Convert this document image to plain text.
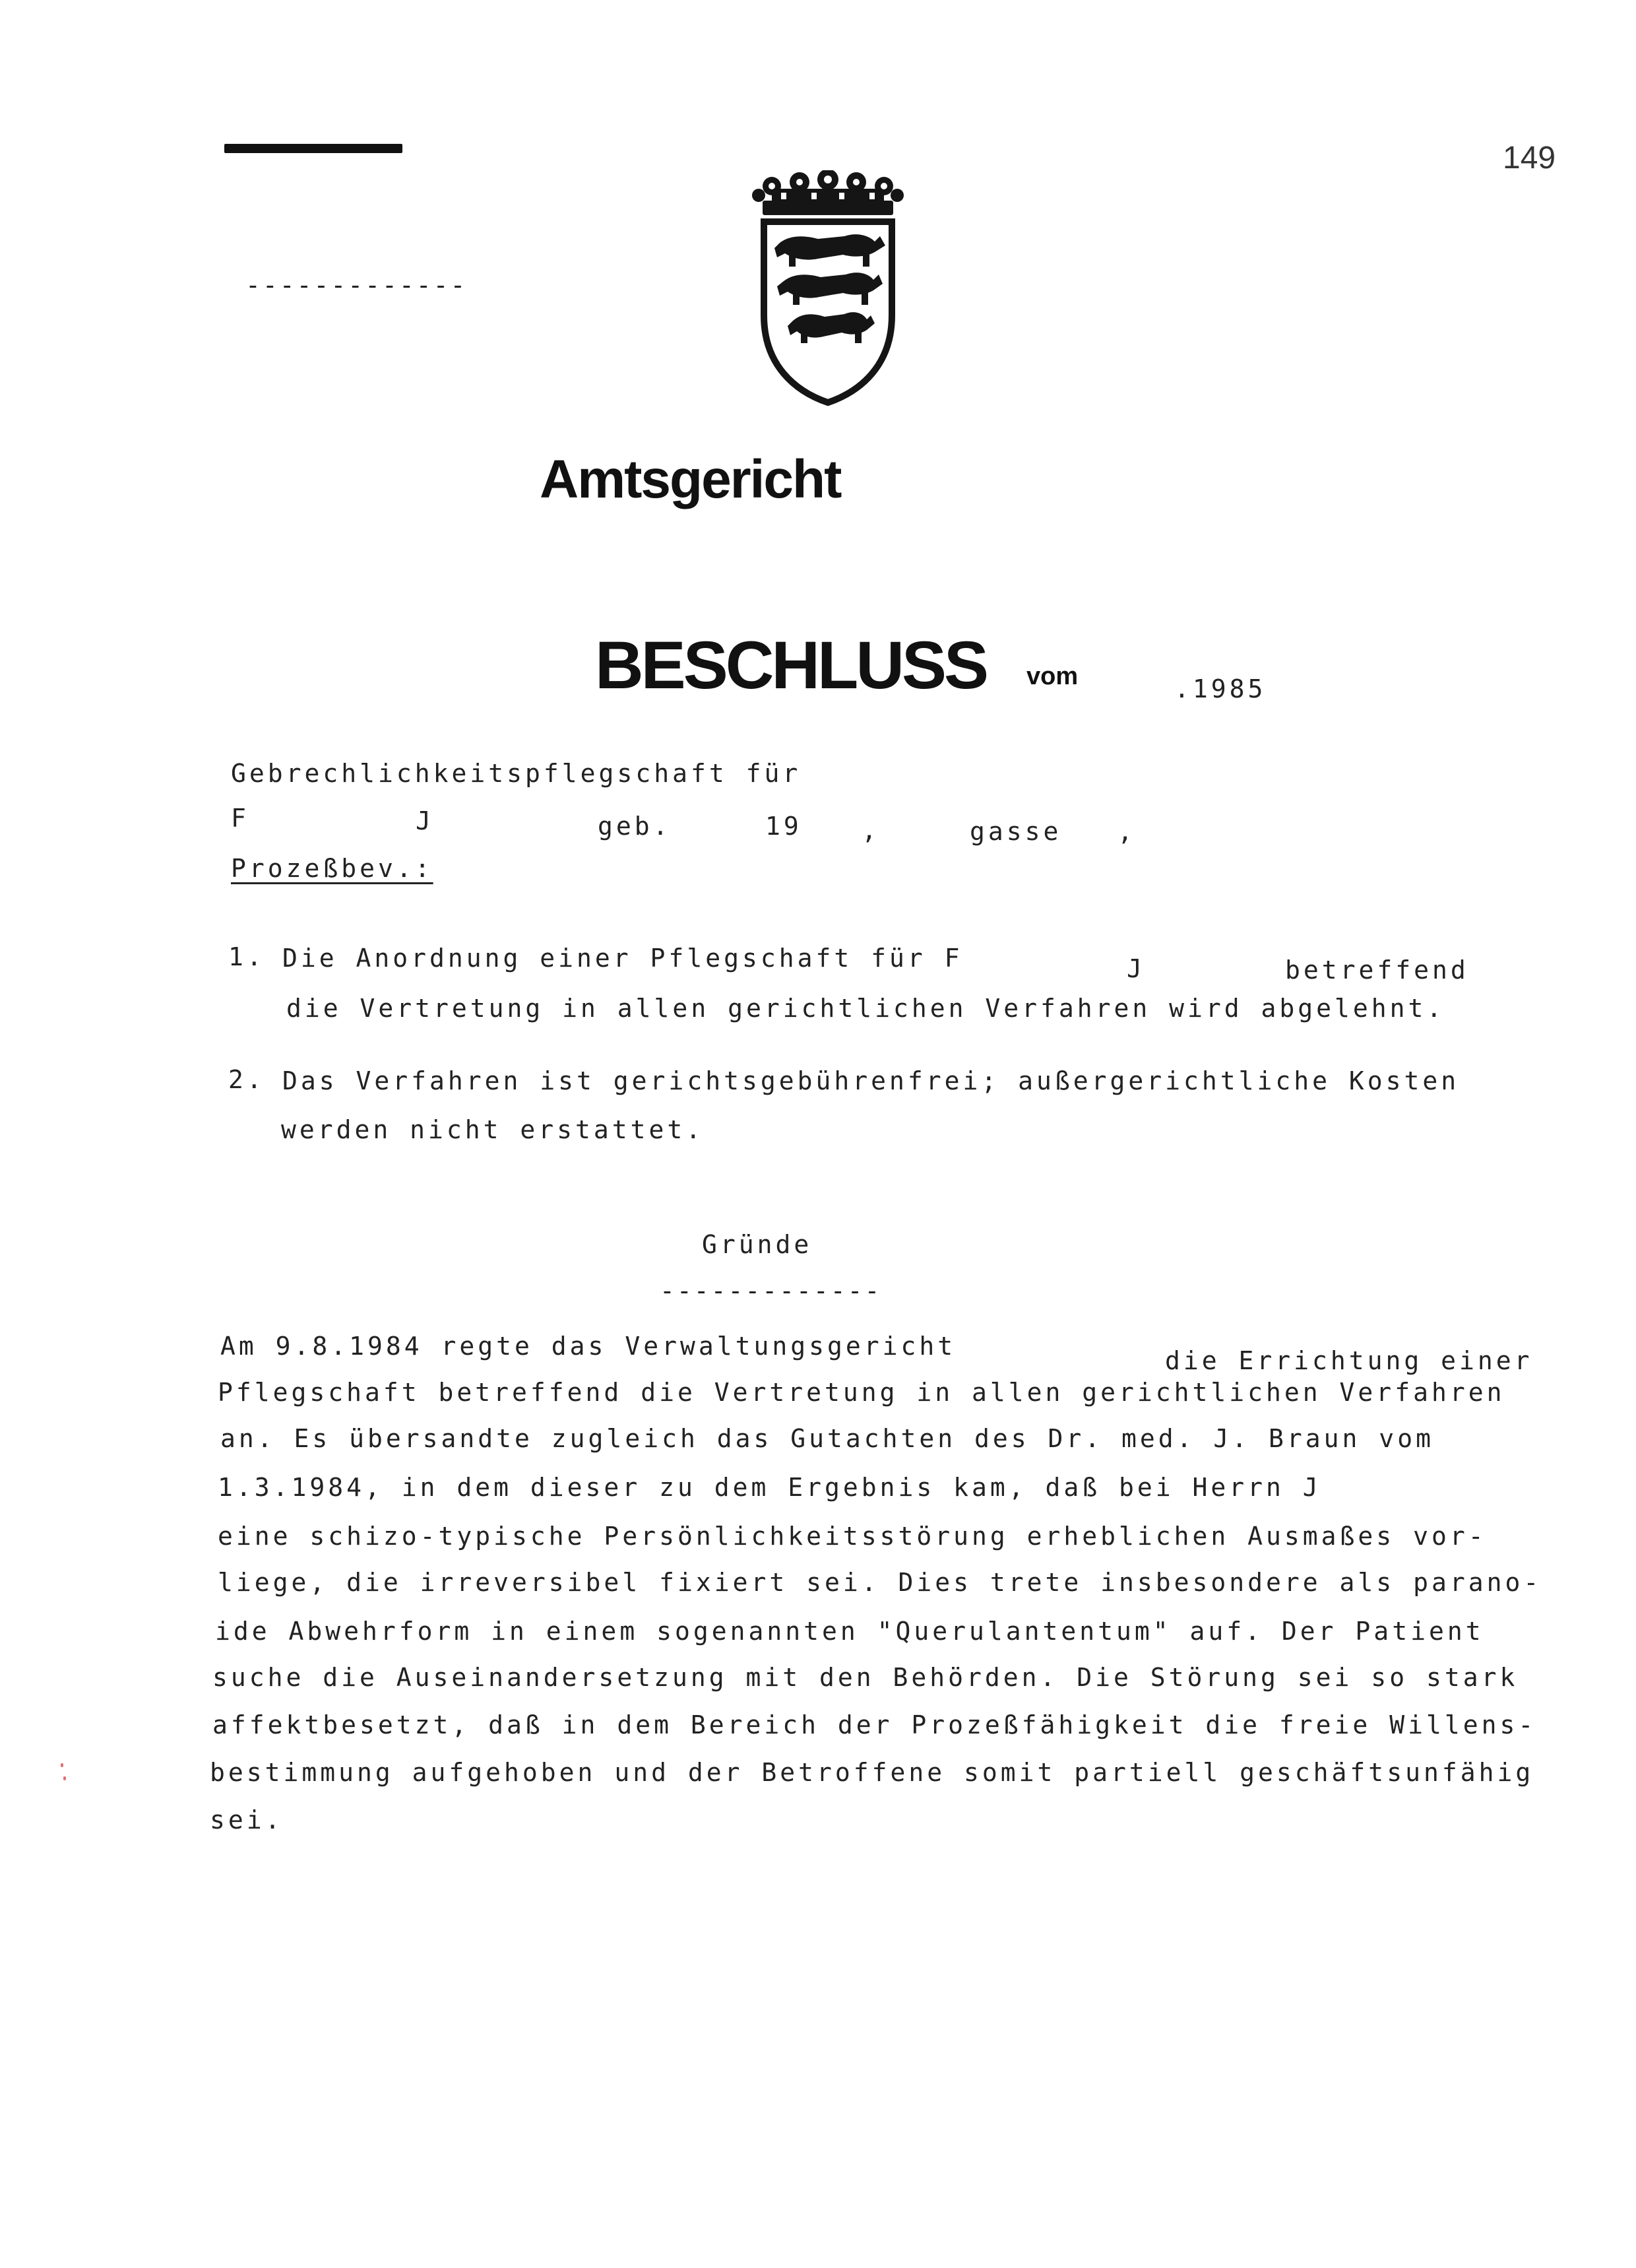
-------------
149
Amtsgericht
BESCHLUSS vom	.1985
Gebrechlichkeitspflegschaft für
F	J	geb.	19 ,	gasse ,
Prozeßbev.:
1. Die Anordnung einer Pflegschaft für F	J	betreffend
die Vertretung in allen gerichtlichen Verfahren wird abgelehnt.
2. Das Verfahren ist gerichtsgebührenfrei; außergerichtliche Kosten
werden nicht erstattet.
Gründe
-------------
Am 9.8.1984 regte das Verwaltungsgericht	die Errichtung einer
Pflegschaft betreffend die Vertretung in allen gerichtlichen Verfahren
an. Es übersandte zugleich das Gutachten des Dr. med. J. Braun vom
1.3.1984, in dem dieser zu dem Ergebnis kam, daß bei Herrn J
eine schizo-typische Persönlichkeitsstörung erheblichen Ausmaßes vor-
liege, die irreversibel fixiert sei. Dies trete insbesondere als parano-
ide Abwehrform in einem sogenannten "Querulantentum" auf. Der Patient
suche die Auseinandersetzung mit den Behörden. Die Störung sei so stark
affektbesetzt, daß in dem Bereich der Prozeßfähigkeit die freie Willens-
bestimmung aufgehoben und der Betroffene somit partiell geschäftsunfähig
sei.
